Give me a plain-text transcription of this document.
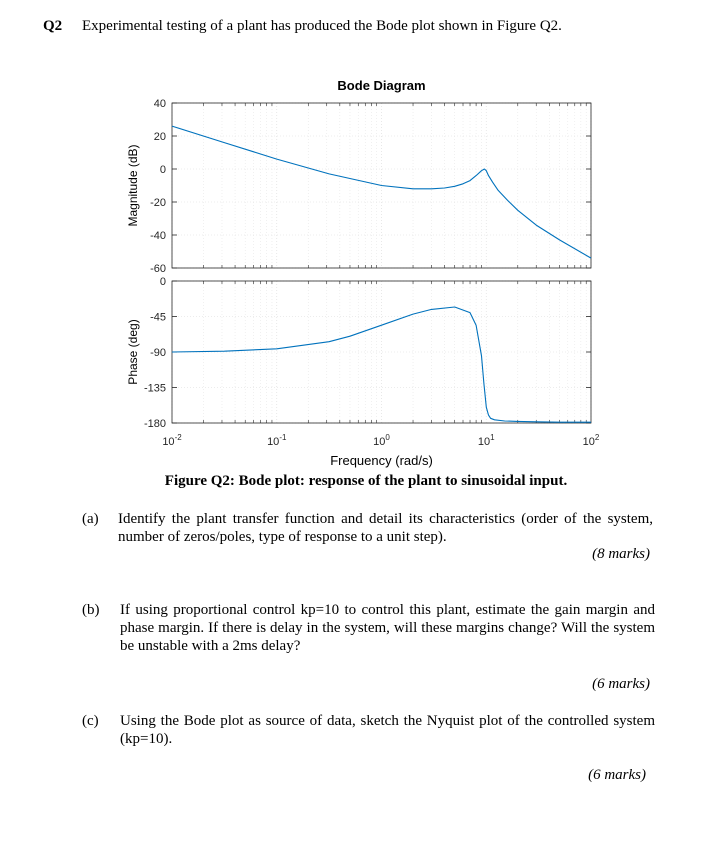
Q2 Experimental testing of a plant has produced the Bode plot shown in Figure Q2.
Bode Diagram
40
20
0
-20
-40
-60
Magnitude (dB)
0
-45
-90
-135
-180
Phase (deg)
$10^{-2}$	$10^{-1}$	$10^0$	$10^1$	$10^2$
Frequency (rad/s)
Figure Q2: Bode plot: response of the plant to sinusoidal input.
(a)	Identify the plant transfer function and detail its characteristics (order of the system, number of zeros/poles, type of response to a unit step).
(8 marks)
(b)	If using proportional control kp=10 to control this plant, estimate the gain margin and phase margin. If there is delay in the system, will these margins change? Will the system be unstable with a 2ms delay?
(6 marks)
(c)	Using the Bode plot as source of data, sketch the Nyquist plot of the controlled system (kp=10).
(6 marks)
